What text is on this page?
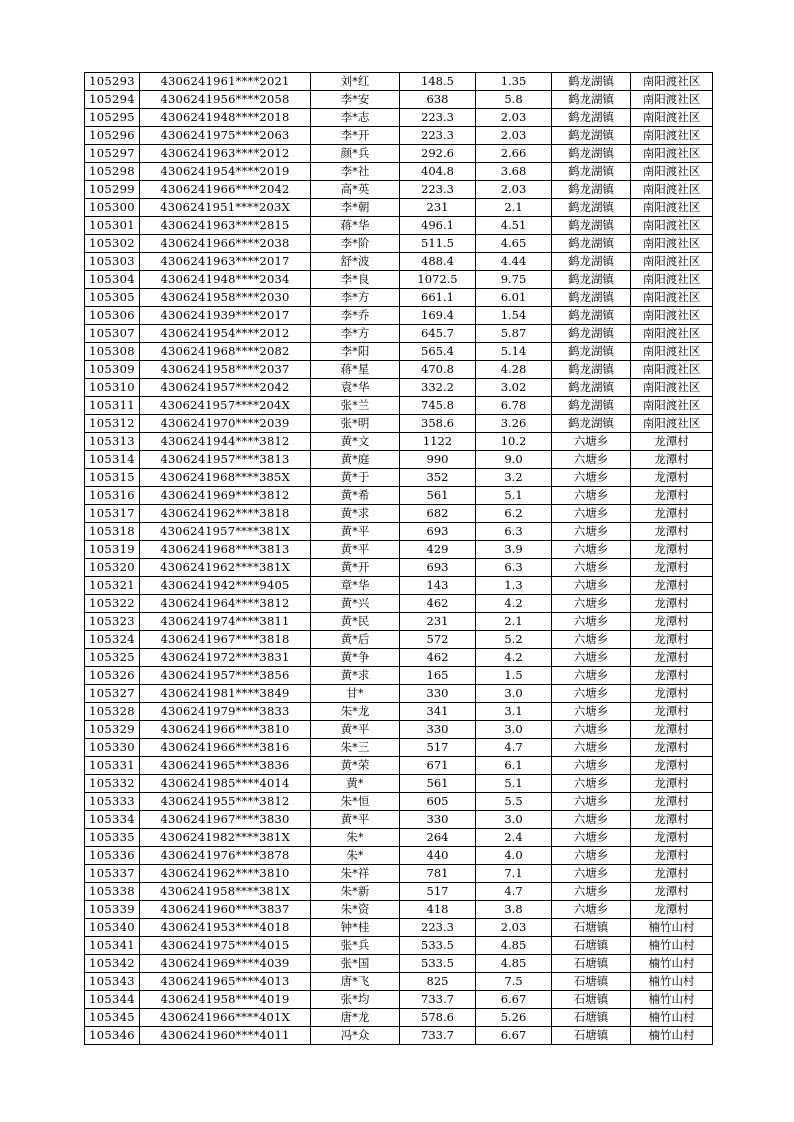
105293	4306241961****2021	刘*红	148.5	1.35	鹤龙湖镇	南阳渡社区
105294	4306241956****2058	李*安	638	5.8	鹤龙湖镇	南阳渡社区
105295	4306241948****2018	李*志	223.3	2.03	鹤龙湖镇	南阳渡社区
105296	4306241975****2063	李*开	223.3	2.03	鹤龙湖镇	南阳渡社区
105297	4306241963****2012	颜*兵	292.6	2.66	鹤龙湖镇	南阳渡社区
105298	4306241954****2019	李*社	404.8	3.68	鹤龙湖镇	南阳渡社区
105299	4306241966****2042	高*英	223.3	2.03	鹤龙湖镇	南阳渡社区
105300	4306241951****203X	李*朝	231	2.1	鹤龙湖镇	南阳渡社区
105301	4306241963****2815	蒋*华	496.1	4.51	鹤龙湖镇	南阳渡社区
105302	4306241966****2038	李*阶	511.5	4.65	鹤龙湖镇	南阳渡社区
105303	4306241963****2017	舒*波	488.4	4.44	鹤龙湖镇	南阳渡社区
105304	4306241948****2034	李*良	1072.5	9.75	鹤龙湖镇	南阳渡社区
105305	4306241958****2030	李*方	661.1	6.01	鹤龙湖镇	南阳渡社区
105306	4306241939****2017	李*乔	169.4	1.54	鹤龙湖镇	南阳渡社区
105307	4306241954****2012	李*方	645.7	5.87	鹤龙湖镇	南阳渡社区
105308	4306241968****2082	李*阳	565.4	5.14	鹤龙湖镇	南阳渡社区
105309	4306241958****2037	蒋*星	470.8	4.28	鹤龙湖镇	南阳渡社区
105310	4306241957****2042	袁*华	332.2	3.02	鹤龙湖镇	南阳渡社区
105311	4306241957****204X	张*兰	745.8	6.78	鹤龙湖镇	南阳渡社区
105312	4306241970****2039	张*明	358.6	3.26	鹤龙湖镇	南阳渡社区
105313	4306241944****3812	黄*文	1122	10.2	六塘乡	龙潭村
105314	4306241957****3813	黄*庭	990	9.0	六塘乡	龙潭村
105315	4306241968****385X	黄*于	352	3.2	六塘乡	龙潭村
105316	4306241969****3812	黄*希	561	5.1	六塘乡	龙潭村
105317	4306241962****3818	黄*求	682	6.2	六塘乡	龙潭村
105318	4306241957****381X	黄*平	693	6.3	六塘乡	龙潭村
105319	4306241968****3813	黄*平	429	3.9	六塘乡	龙潭村
105320	4306241962****381X	黄*开	693	6.3	六塘乡	龙潭村
105321	4306241942****9405	章*华	143	1.3	六塘乡	龙潭村
105322	4306241964****3812	黄*兴	462	4.2	六塘乡	龙潭村
105323	4306241974****3811	黄*民	231	2.1	六塘乡	龙潭村
105324	4306241967****3818	黄*后	572	5.2	六塘乡	龙潭村
105325	4306241972****3831	黄*争	462	4.2	六塘乡	龙潭村
105326	4306241957****3856	黄*求	165	1.5	六塘乡	龙潭村
105327	4306241981****3849	甘*	330	3.0	六塘乡	龙潭村
105328	4306241979****3833	朱*龙	341	3.1	六塘乡	龙潭村
105329	4306241966****3810	黄*平	330	3.0	六塘乡	龙潭村
105330	4306241966****3816	朱*三	517	4.7	六塘乡	龙潭村
105331	4306241965****3836	黄*荣	671	6.1	六塘乡	龙潭村
105332	4306241985****4014	黄*	561	5.1	六塘乡	龙潭村
105333	4306241955****3812	朱*恒	605	5.5	六塘乡	龙潭村
105334	4306241967****3830	黄*平	330	3.0	六塘乡	龙潭村
105335	4306241982****381X	朱*	264	2.4	六塘乡	龙潭村
105336	4306241976****3878	朱*	440	4.0	六塘乡	龙潭村
105337	4306241962****3810	朱*祥	781	7.1	六塘乡	龙潭村
105338	4306241958****381X	朱*新	517	4.7	六塘乡	龙潭村
105339	4306241960****3837	朱*资	418	3.8	六塘乡	龙潭村
105340	4306241953****4018	钟*桂	223.3	2.03	石塘镇	楠竹山村
105341	4306241975****4015	张*兵	533.5	4.85	石塘镇	楠竹山村
105342	4306241969****4039	张*国	533.5	4.85	石塘镇	楠竹山村
105343	4306241965****4013	唐*飞	825	7.5	石塘镇	楠竹山村
105344	4306241958****4019	张*均	733.7	6.67	石塘镇	楠竹山村
105345	4306241966****401X	唐*龙	578.6	5.26	石塘镇	楠竹山村
105346	4306241960****4011	冯*众	733.7	6.67	石塘镇	楠竹山村
